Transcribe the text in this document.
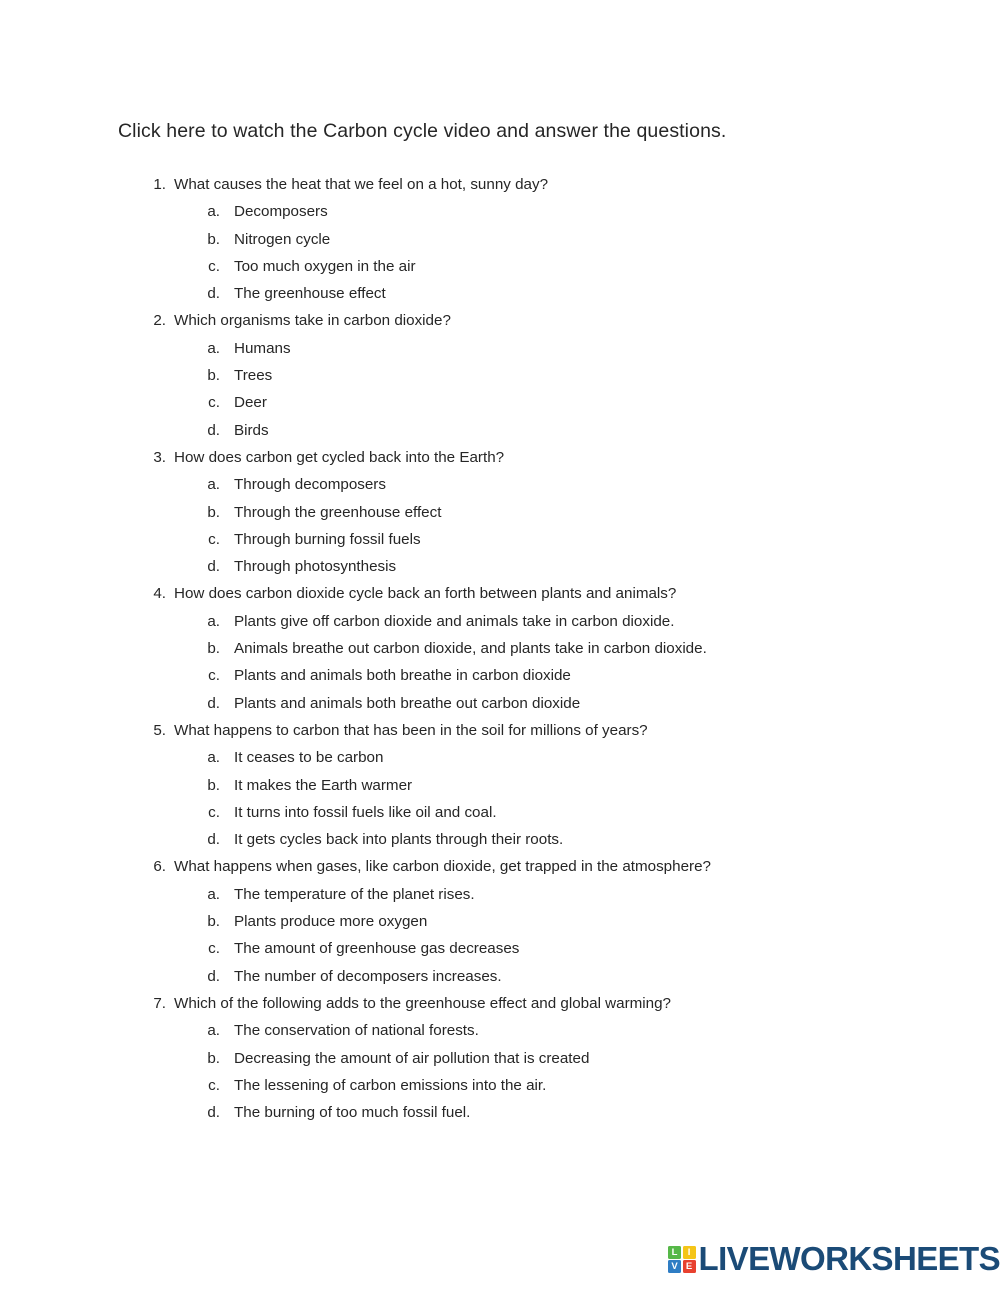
Click here to watch the Carbon cycle video and answer the questions.
1. What causes the heat that we feel on a hot, sunny day?
a. Decomposers
b. Nitrogen cycle
c. Too much oxygen in the air
d. The greenhouse effect
2. Which organisms take in carbon dioxide?
a. Humans
b. Trees
c. Deer
d. Birds
3. How does carbon get cycled back into the Earth?
a. Through decomposers
b. Through the greenhouse effect
c. Through burning fossil fuels
d. Through photosynthesis
4. How does carbon dioxide cycle back an forth between plants and animals?
a. Plants give off carbon dioxide and animals take in carbon dioxide.
b. Animals breathe out carbon dioxide, and plants take in carbon dioxide.
c. Plants and animals both breathe in carbon dioxide
d. Plants and animals both breathe out carbon dioxide
5. What happens to carbon that has been in the soil for millions of years?
a. It ceases to be carbon
b. It makes the Earth warmer
c. It turns into fossil fuels like oil and coal.
d. It gets cycles back into plants through their roots.
6. What happens when gases, like carbon dioxide, get trapped in the atmosphere?
a. The temperature of the planet rises.
b. Plants produce more oxygen
c. The amount of greenhouse gas decreases
d. The number of decomposers increases.
7. Which of the following adds to the greenhouse effect and global warming?
a. The conservation of national forests.
b. Decreasing the amount of air pollution that is created
c. The lessening of carbon emissions into the air.
d. The burning of too much fossil fuel.
L	I
V E LIVEWORKSHEETS
